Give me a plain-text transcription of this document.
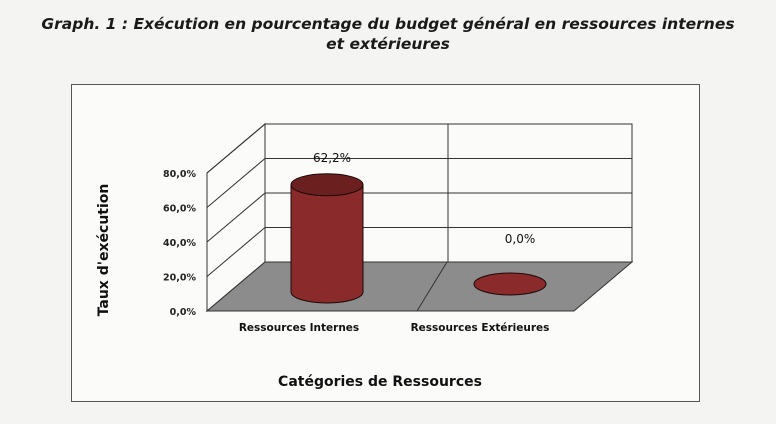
Graph. 1 : Exécution en pourcentage du budget général en ressources internes
et extérieures
0,0%
20,0%
40,0%
60,0%
80,0%
62,2%
0,0%
Ressources Internes	Ressources Extérieures
Taux d'exécution
Catégories de Ressources
